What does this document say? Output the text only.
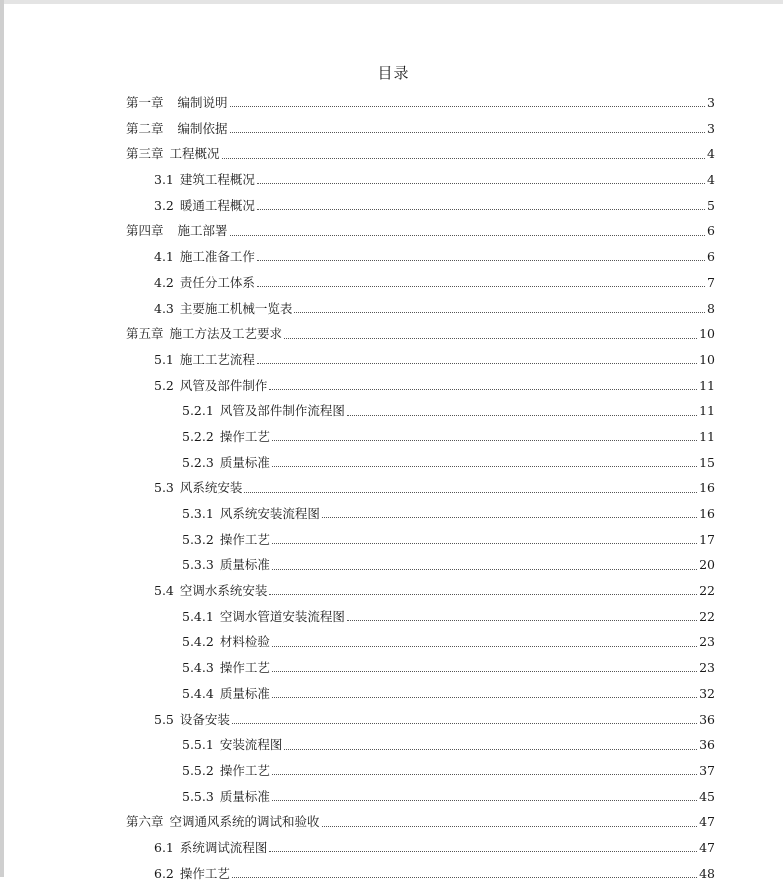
目录
第一章 编制说明	3
第二章 编制依据	3
第三章 工程概况	4
3.1 建筑工程概况	4
3.2 暖通工程概况	5
第四章 施工部署	6
4.1 施工准备工作	6
4.2 责任分工体系	7
4.3 主要施工机械一览表	8
第五章 施工方法及工艺要求	10
5.1 施工工艺流程	10
5.2 风管及部件制作	11
5.2.1 风管及部件制作流程图	11
5.2.2 操作工艺	11
5.2.3 质量标准	15
5.3 风系统安装	16
5.3.1 风系统安装流程图	16
5.3.2 操作工艺	17
5.3.3 质量标准	20
5.4 空调水系统安装	22
5.4.1 空调水管道安装流程图	22
5.4.2 材料检验	23
5.4.3 操作工艺	23
5.4.4 质量标准	32
5.5 设备安装	36
5.5.1 安装流程图	36
5.5.2 操作工艺	37
5.5.3 质量标准	45
第六章 空调通风系统的调试和验收	47
6.1 系统调试流程图	47
6.2 操作工艺	48
